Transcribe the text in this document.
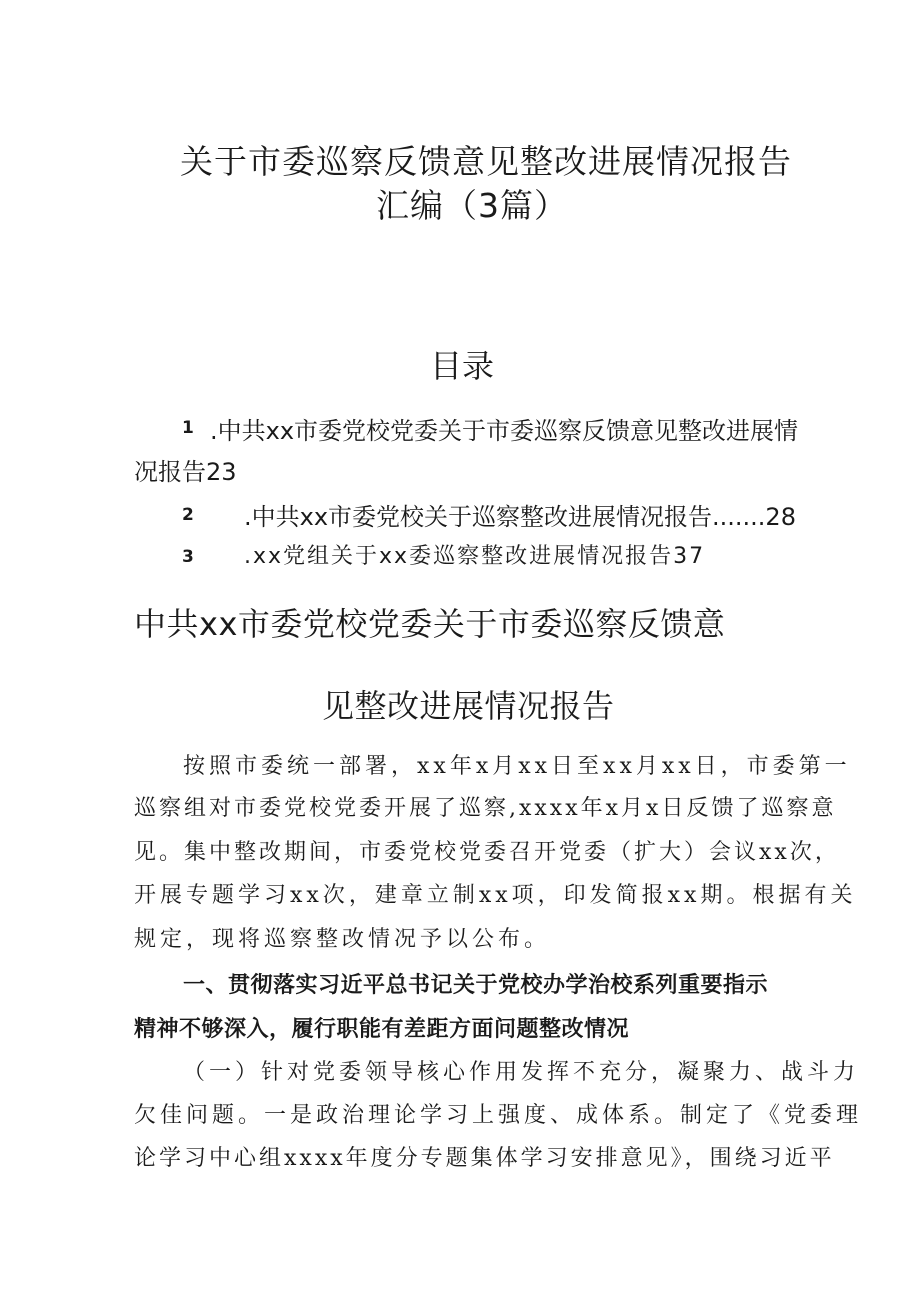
关于市委巡察反馈意见整改进展情况报告
汇编（3篇）
目录
1 .中共xx市委党校党委关于市委巡察反馈意见整改进展情
况报告23
2 .中共xx市委党校关于巡察整改进展情况报告.......28
3 .xx党组关于xx委巡察整改进展情况报告37
中共xx市委党校党委关于市委巡察反馈意
见整改进展情况报告
按照市委统一部署，xx年x月xx日至xx月xx日，市委第一
巡察组对市委党校党委开展了巡察,xxxx年x月x日反馈了巡察意
见。集中整改期间，市委党校党委召开党委（扩大）会议xx次，
开展专题学习xx次，建章立制xx项，印发简报xx期。根据有关
规定，现将巡察整改情况予以公布。
一、贯彻落实习近平总书记关于党校办学治校系列重要指示
精神不够深入，履行职能有差距方面问题整改情况
（一）针对党委领导核心作用发挥不充分，凝聚力、战斗力
欠佳问题。一是政治理论学习上强度、成体系。制定了《党委理
论学习中心组xxxx年度分专题集体学习安排意见》，围绕习近平
